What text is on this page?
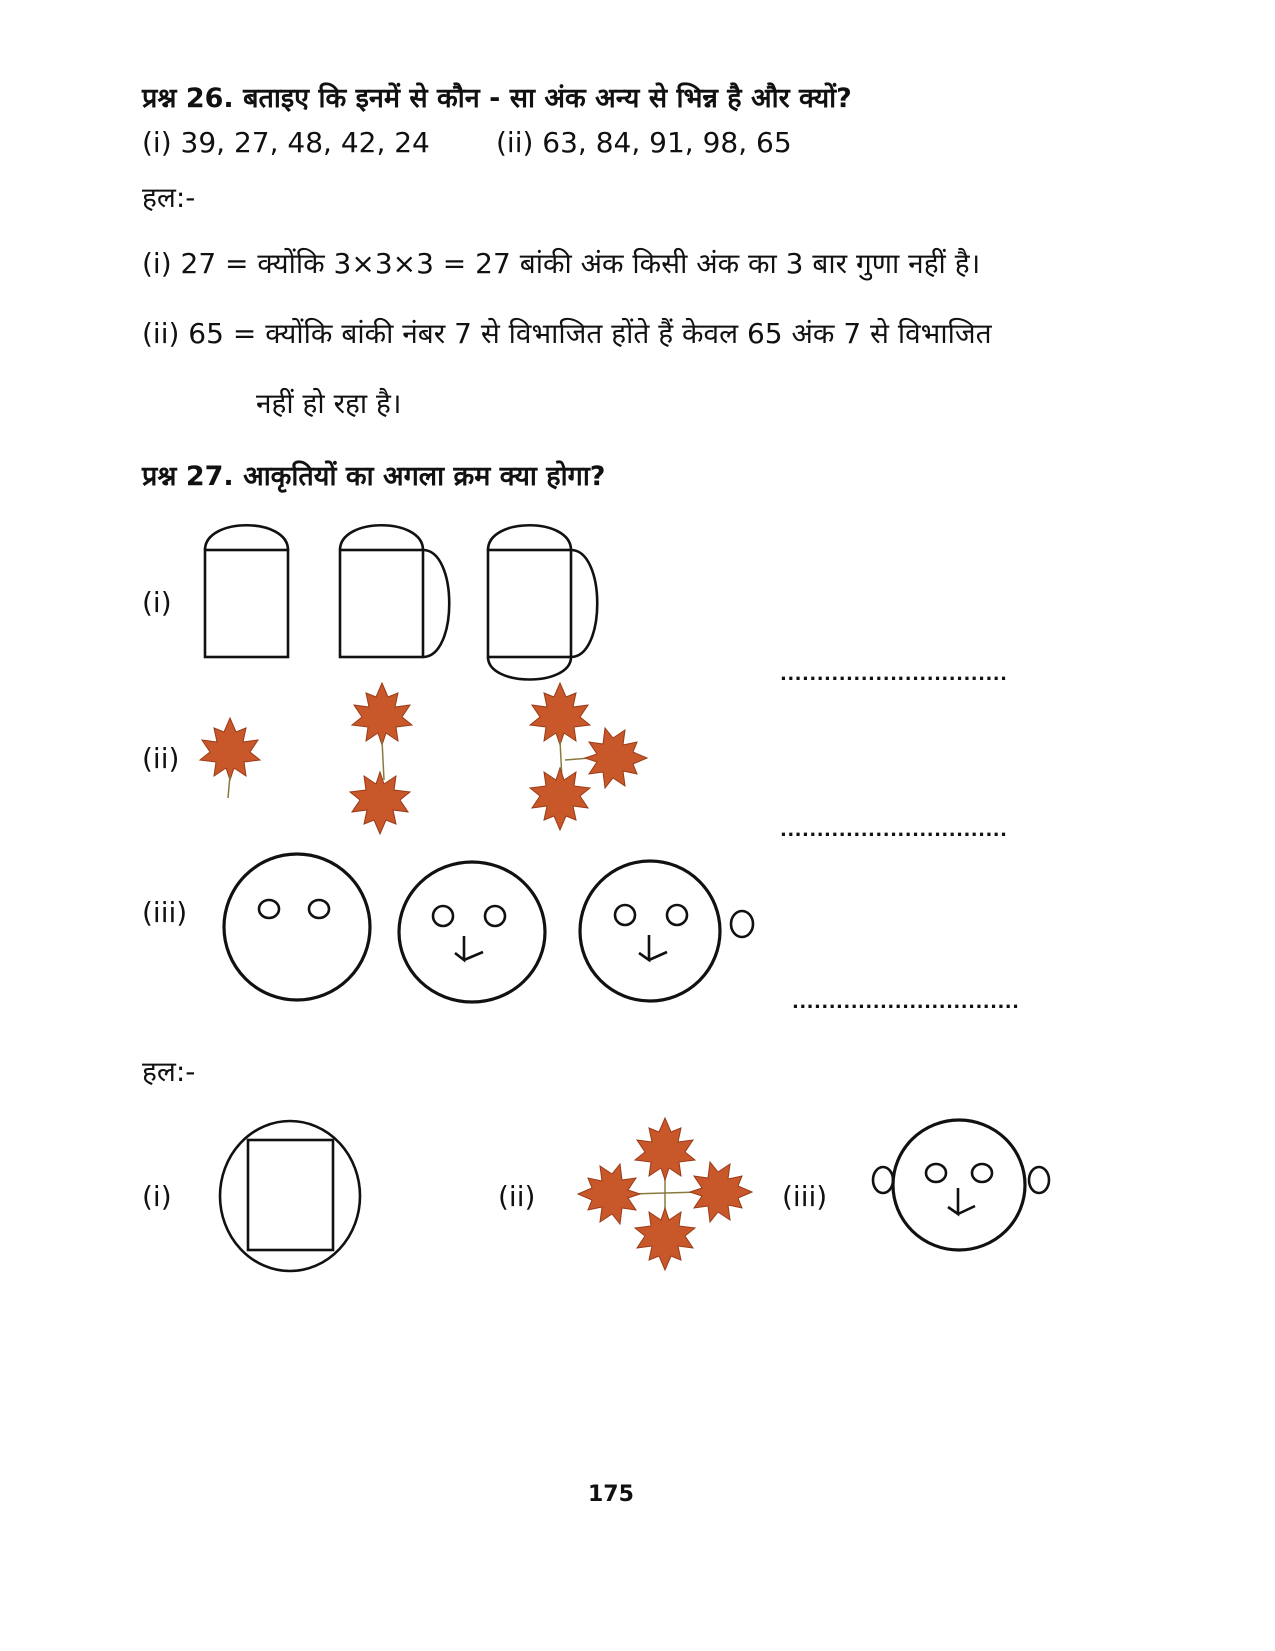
प्रश्न 26. बताइए कि इनमें से कौन - सा अंक अन्य से भिन्न है और क्यों?
(i) 39, 27, 48, 42, 24 (ii) 63, 84, 91, 98, 65
हल:-
(i) 27 = क्योंकि 3×3×3 = 27 बांकी अंक किसी अंक का 3 बार गुणा नहीं है।
(ii) 65 = क्योंकि बांकी नंबर 7 से विभाजित होंते हैं केवल 65 अंक 7 से विभाजित
नहीं हो रहा है।
प्रश्न 27. आकृतियों का अगला क्रम क्या होगा?
(i)
...............................
(ii)
...............................
(iii)
...............................
हल:-
(i)	(ii)	(iii)
175
